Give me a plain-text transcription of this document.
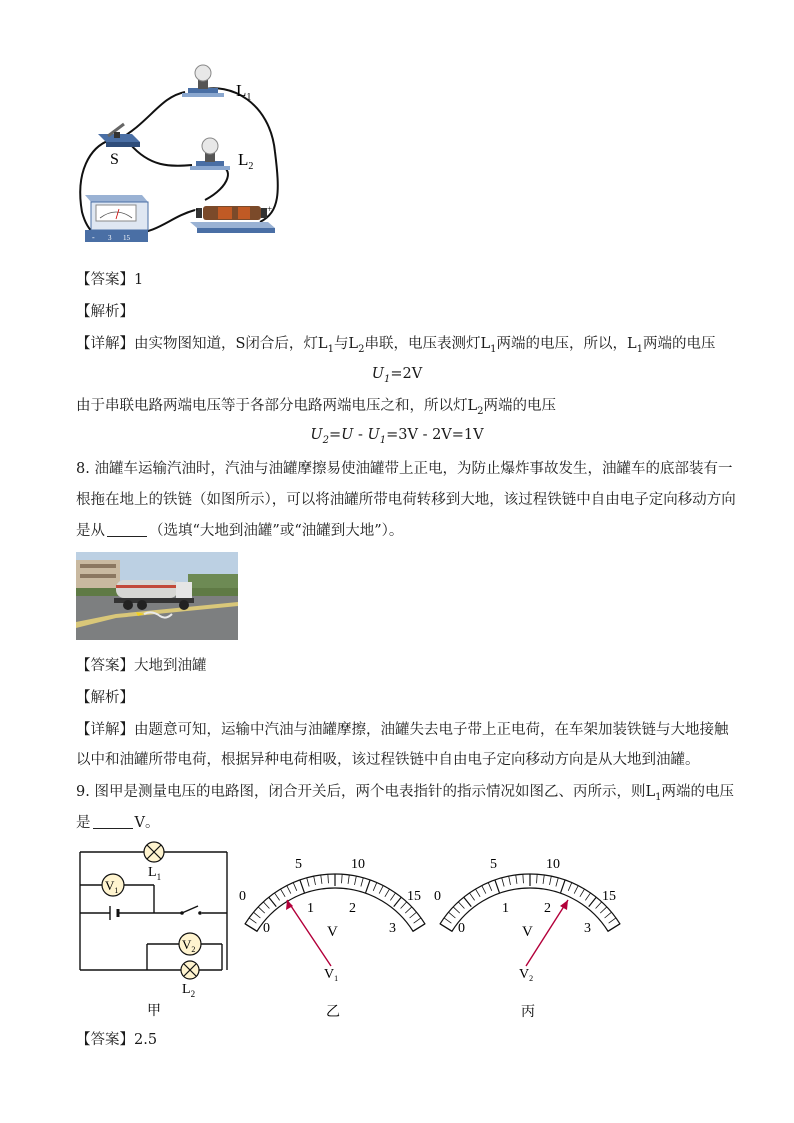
$L_1$
S	$L_2$
- 3 15
-	+
【答案】1
【解析】
【详解】由实物图知道，S闭合后，灯$L_1$与$L_2$串联，电压表测灯$L_1$两端的电压，所以，$L_1$两端的电压
$U_1=2V$
由于串联电路两端电压等于各部分电路两端电压之和，所以灯$L_2$两端的电压
$U_2=U - U_1=3V - 2V=1V$
8. 油罐车运输汽油时，汽油与油罐摩擦易使油罐带上正电，为防止爆炸事故发生，油罐车的底部装有一
根拖在地上的铁链（如图所示），可以将油罐所带电荷转移到大地，该过程铁链中自由电子定向移动方向
是从	（选填“大地到油罐”或“油罐到大地”）。
【答案】大地到油罐
【解析】
【详解】由题意可知，运输中汽油与油罐摩擦，油罐失去电子带上正电荷，在车架加装铁链与大地接触
以中和油罐所带电荷，根据异种电荷相吸，该过程铁链中自由电子定向移动方向是从大地到油罐。
9. 图甲是测量电压的电路图，闭合开关后，两个电表指针的指示情况如图乙、丙所示，则$L_1$两端的电压
是	V。
$L_1$
$V_1$
$V_2$
$L_2$
甲
0
5	10
15
0
1	2
3
V
$V_1$
乙
0
5	10
15
0
1	2
3
V
$V_2$
丙
【答案】2.5
